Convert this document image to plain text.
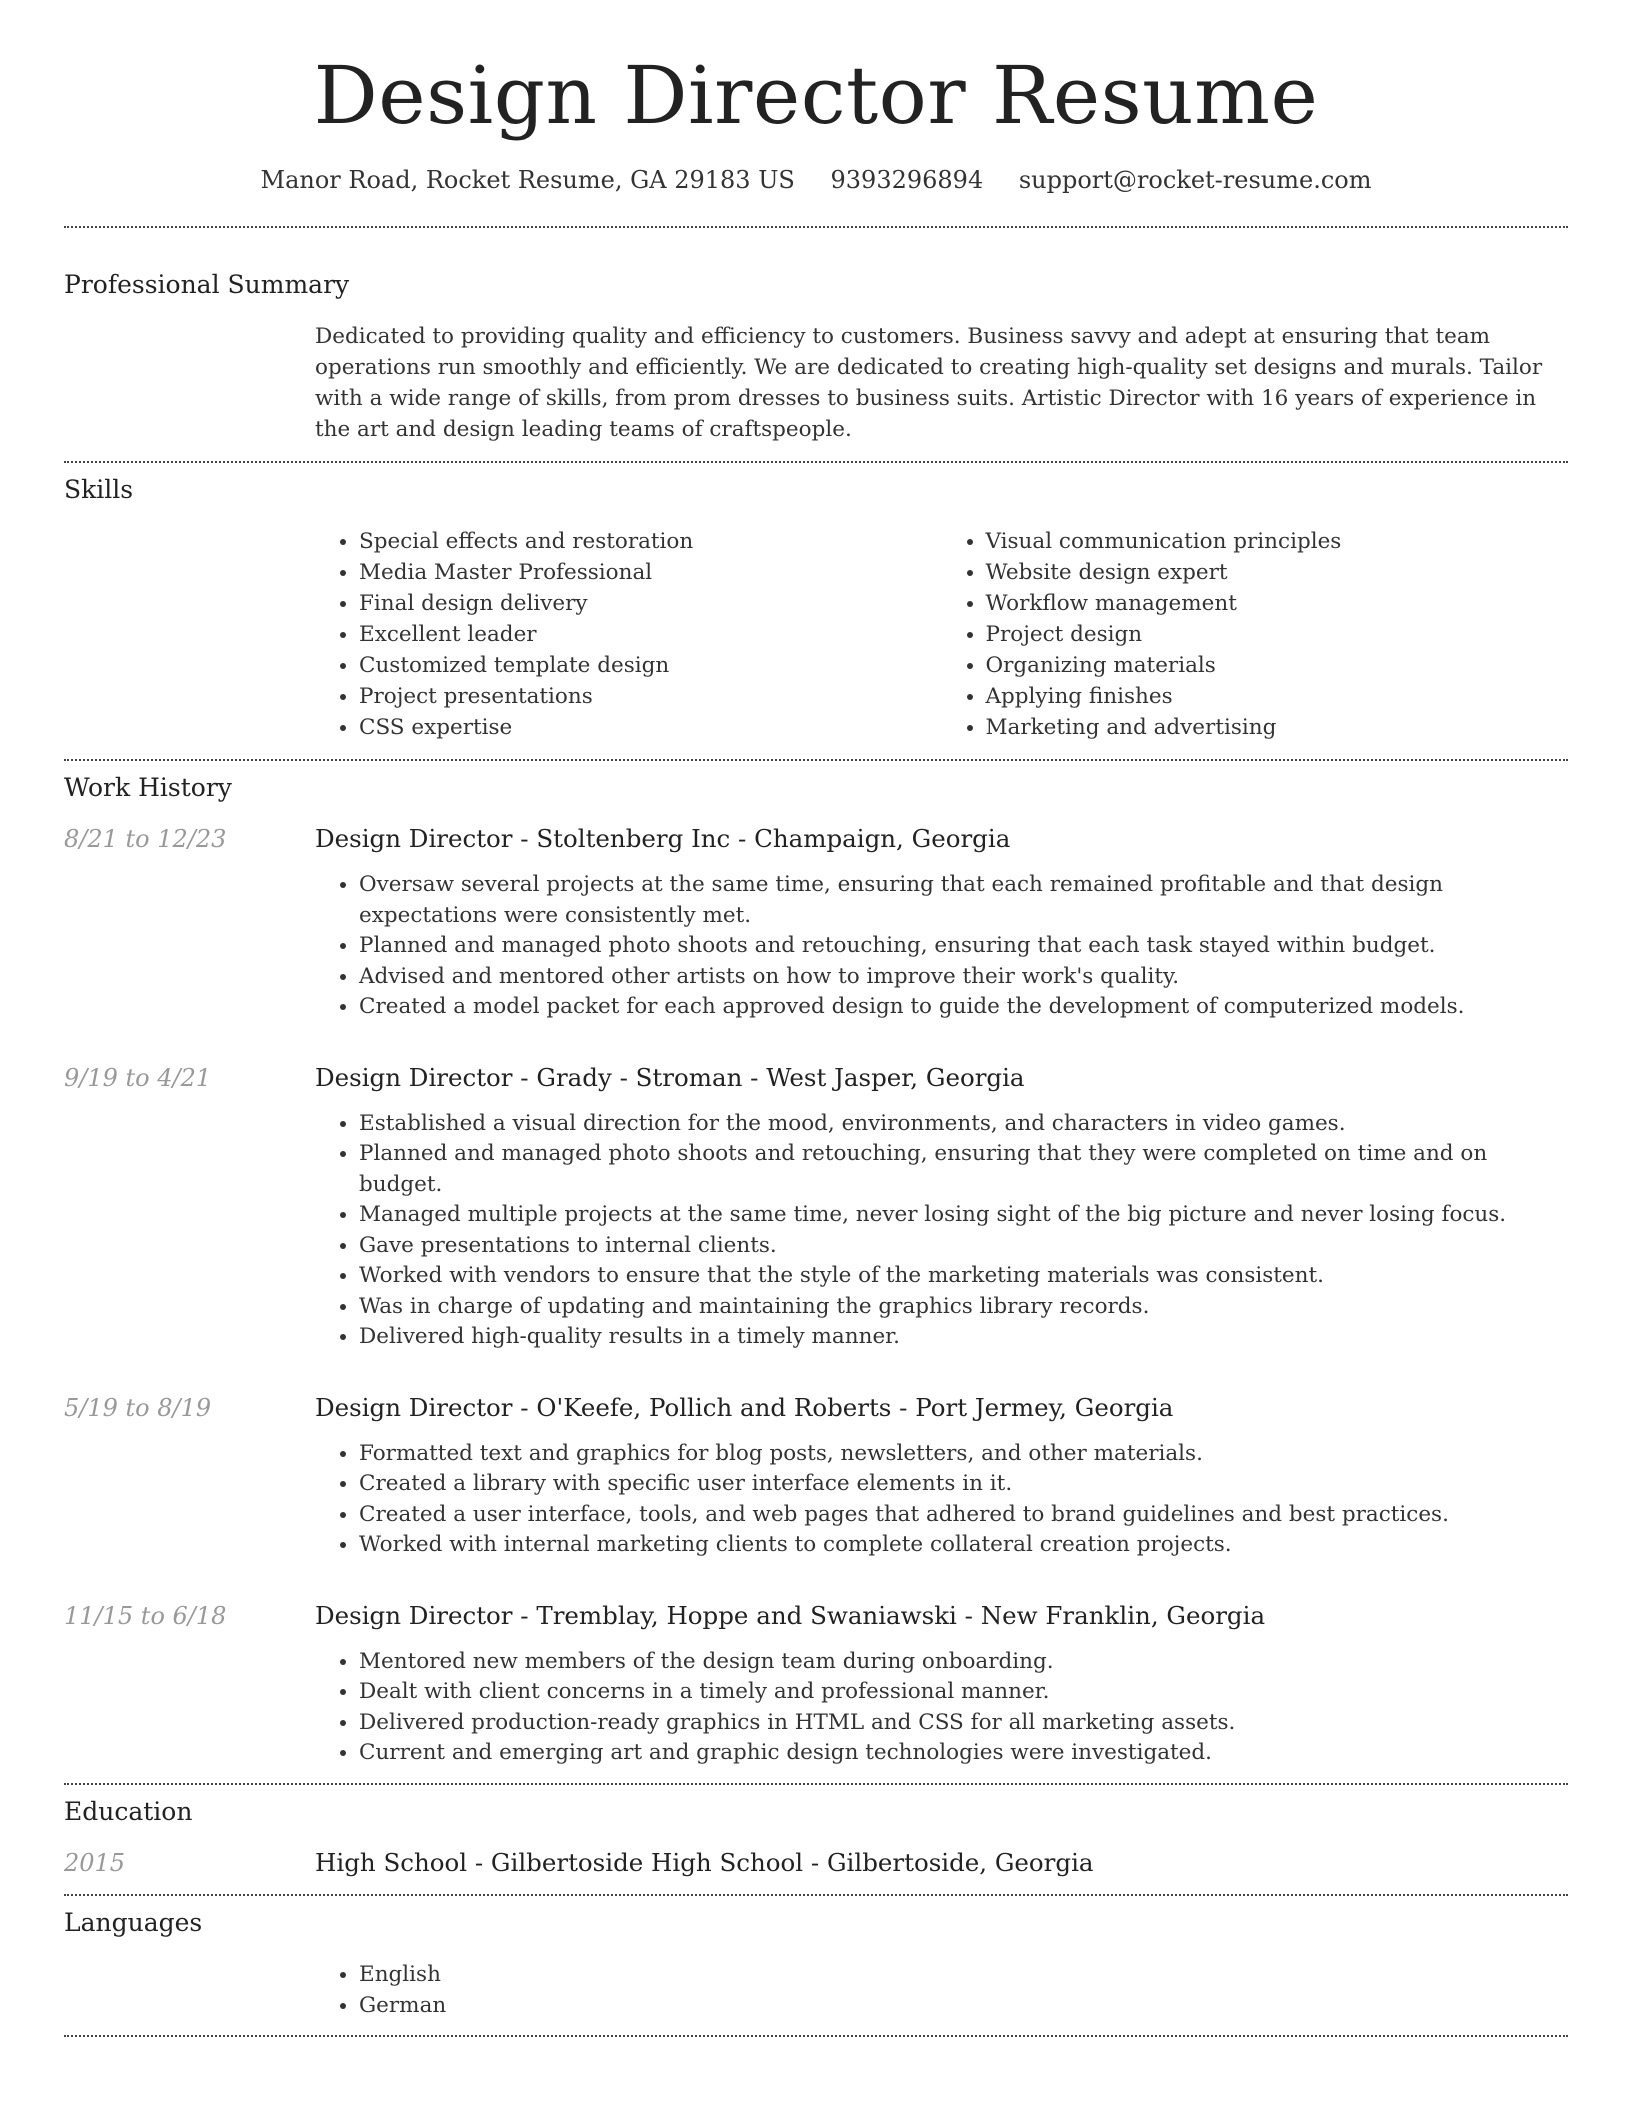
Design Director Resume
Manor Road, Rocket Resume, GA 29183 US 9393296894 support@rocket-resume.com
Professional Summary

Dedicated to providing quality and efficiency to customers. Business savvy and adept at ensuring that team operations run smoothly and efficiently. We are dedicated to creating high-quality set designs and murals. Tailor with a wide range of skills, from prom dresses to business suits. Artistic Director with 16 years of experience in the art and design leading teams of craftspeople.

Skills
• Special effects and restoration
• Media Master Professional
• Final design delivery
• Excellent leader
• Customized template design
• Project presentations
• CSS expertise
• Visual communication principles
• Website design expert
• Workflow management
• Project design
• Organizing materials
• Applying finishes
• Marketing and advertising
Work History
8/21 to 12/23	Design Director - Stoltenberg Inc - Champaign, Georgia
• Oversaw several projects at the same time, ensuring that each remained profitable and that design expectations were consistently met.
• Planned and managed photo shoots and retouching, ensuring that each task stayed within budget.
• Advised and mentored other artists on how to improve their work's quality.
• Created a model packet for each approved design to guide the development of computerized models.
9/19 to 4/21	Design Director - Grady - Stroman - West Jasper, Georgia
• Established a visual direction for the mood, environments, and characters in video games.
• Planned and managed photo shoots and retouching, ensuring that they were completed on time and on budget.
• Managed multiple projects at the same time, never losing sight of the big picture and never losing focus.
• Gave presentations to internal clients.
• Worked with vendors to ensure that the style of the marketing materials was consistent.
• Was in charge of updating and maintaining the graphics library records.
• Delivered high-quality results in a timely manner.
5/19 to 8/19	Design Director - O'Keefe, Pollich and Roberts - Port Jermey, Georgia
• Formatted text and graphics for blog posts, newsletters, and other materials.
• Created a library with specific user interface elements in it.
• Created a user interface, tools, and web pages that adhered to brand guidelines and best practices.
• Worked with internal marketing clients to complete collateral creation projects.
11/15 to 6/18	Design Director - Tremblay, Hoppe and Swaniawski - New Franklin, Georgia
• Mentored new members of the design team during onboarding.
• Dealt with client concerns in a timely and professional manner.
• Delivered production-ready graphics in HTML and CSS for all marketing assets.
• Current and emerging art and graphic design technologies were investigated.
Education
2015	High School - Gilbertoside High School - Gilbertoside, Georgia
Languages
• English
• German
